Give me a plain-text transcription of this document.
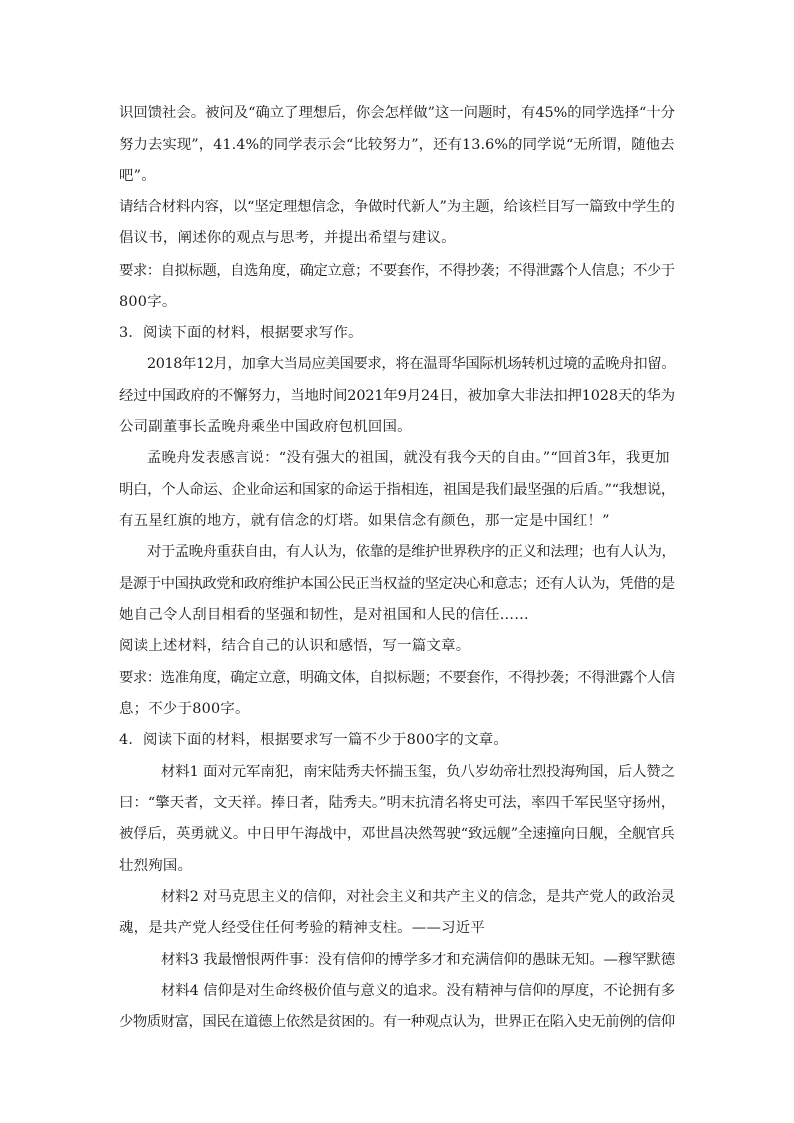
识回馈社会。被问及“确立了理想后，你会怎样做”这一问题时，有45%的同学选择“十分
努力去实现”，41.4%的同学表示会“比较努力”，还有13.6%的同学说“无所谓，随他去
吧”。
请结合材料内容，以“坚定理想信念，争做时代新人”为主题，给该栏目写一篇致中学生的
倡议书，阐述你的观点与思考，并提出希望与建议。
要求：自拟标题，自选角度，确定立意；不要套作，不得抄袭；不得泄露个人信息；不少于
800字。
3．阅读下面的材料，根据要求写作。
2018年12月，加拿大当局应美国要求，将在温哥华国际机场转机过境的孟晚舟扣留。
经过中国政府的不懈努力，当地时间2021年9月24日，被加拿大非法扣押1028天的华为
公司副董事长孟晚舟乘坐中国政府包机回国。
孟晚舟发表感言说：“没有强大的祖国，就没有我今天的自由。”“回首3年，我更加
明白，个人命运、企业命运和国家的命运于指相连，祖国是我们最坚强的后盾。”“我想说，
有五星红旗的地方，就有信念的灯塔。如果信念有颜色，那一定是中国红！”
对于孟晚舟重获自由，有人认为，依靠的是维护世界秩序的正义和法理；也有人认为，
是源于中国执政党和政府维护本国公民正当权益的坚定决心和意志；还有人认为，凭借的是
她自己令人刮目相看的坚强和韧性，是对祖国和人民的信任……
阅读上述材料，结合自己的认识和感悟，写一篇文章。
要求：选准角度，确定立意，明确文体，自拟标题；不要套作，不得抄袭；不得泄露个人信
息；不少于800字。
4．阅读下面的材料，根据要求写一篇不少于800字的文章。
材料1 面对元军南犯，南宋陆秀夫怀揣玉玺，负八岁幼帝壮烈投海殉国，后人赞之
曰：“擎天者，文天祥。捧日者，陆秀夫。”明末抗清名将史可法，率四千军民坚守扬州，
被俘后，英勇就义。中日甲午海战中，邓世昌决然驾驶“致远舰”全速撞向日舰，全舰官兵
壮烈殉国。
材料2 对马克思主义的信仰，对社会主义和共产主义的信念，是共产党人的政治灵
魂，是共产党人经受住任何考验的精神支柱。——习近平
材料3 我最憎恨两件事：没有信仰的博学多才和充满信仰的愚昧无知。—穆罕默德
材料4 信仰是对生命终极价值与意义的追求。没有精神与信仰的厚度，不论拥有多
少物质财富，国民在道德上依然是贫困的。有一种观点认为，世界正在陷入史无前例的信仰
